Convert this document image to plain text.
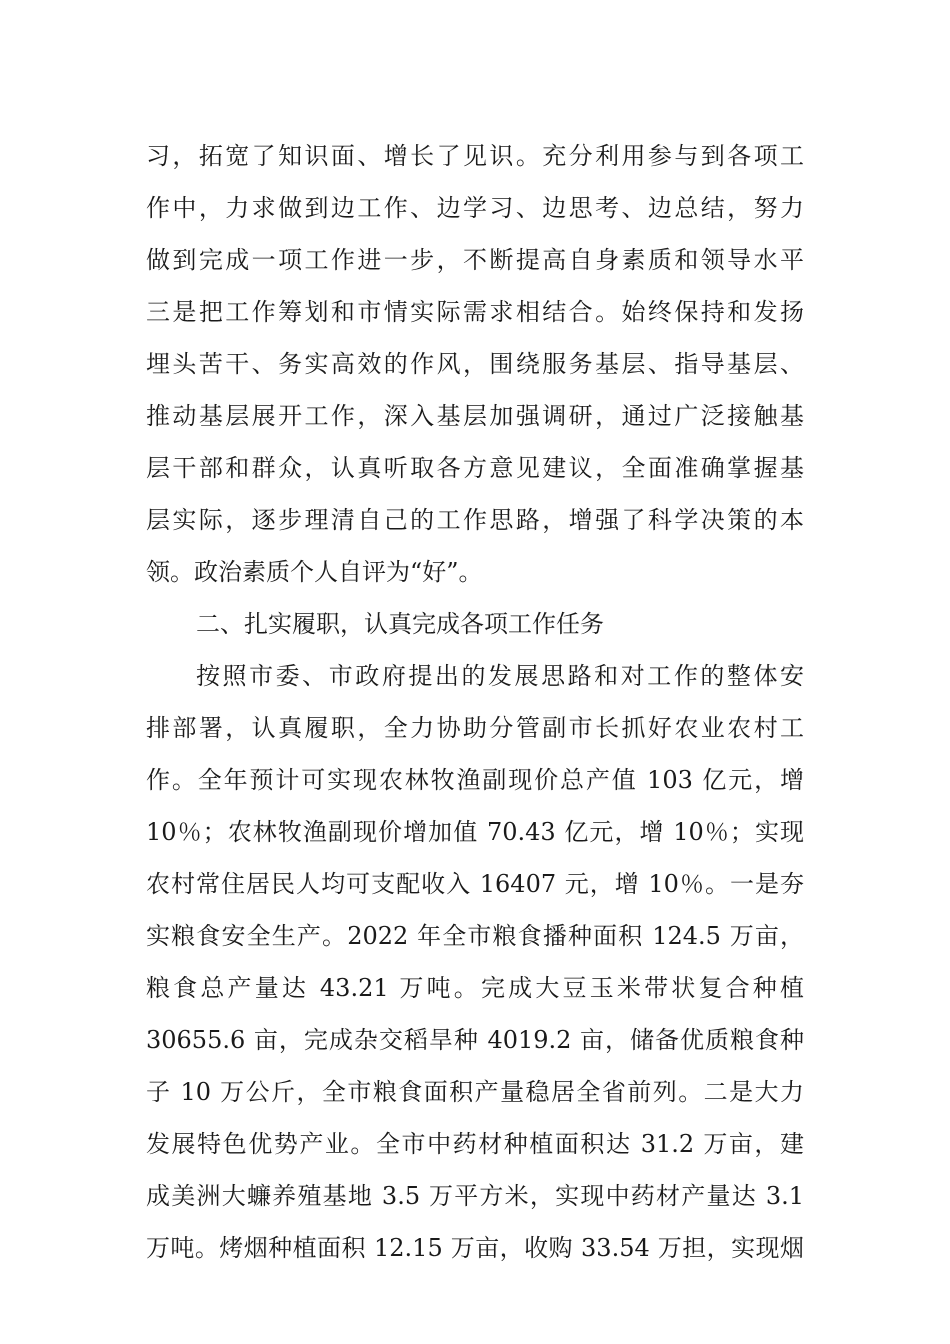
习，拓宽了知识面、增长了见识。充分利用参与到各项工
作中，力求做到边工作、边学习、边思考、边总结，努力
做到完成一项工作进一步，不断提高自身素质和领导水平
三是把工作筹划和市情实际需求相结合。始终保持和发扬
埋头苦干、务实高效的作风，围绕服务基层、指导基层、
推动基层展开工作，深入基层加强调研，通过广泛接触基
层干部和群众，认真听取各方意见建议，全面准确掌握基
层实际，逐步理清自己的工作思路，增强了科学决策的本
领。政治素质个人自评为“好”。
二、扎实履职，认真完成各项工作任务
按照市委、市政府提出的发展思路和对工作的整体安
排部署，认真履职，全力协助分管副市长抓好农业农村工
作。全年预计可实现农林牧渔副现价总产值 103 亿元，增
10％；农林牧渔副现价增加值 70.43 亿元，增 10％；实现
农村常住居民人均可支配收入 16407 元，增 10％。一是夯
实粮食安全生产。2022 年全市粮食播种面积 124.5 万亩，
粮食总产量达 43.21 万吨。完成大豆玉米带状复合种植
30655.6 亩，完成杂交稻旱种 4019.2 亩，储备优质粮食种
子 10 万公斤，全市粮食面积产量稳居全省前列。二是大力
发展特色优势产业。全市中药材种植面积达 31.2 万亩，建
成美洲大蠊养殖基地 3.5 万平方米，实现中药材产量达 3.1
万吨。烤烟种植面积 12.15 万亩，收购 33.54 万担，实现烟
